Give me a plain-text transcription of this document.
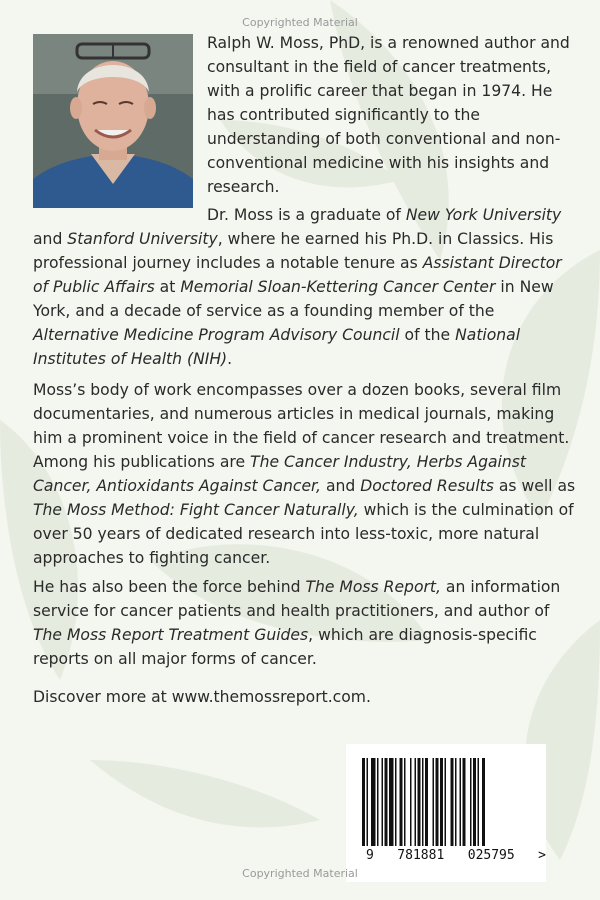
Copyrighted Material
Ralph W. Moss, PhD, is a renowned author and consultant in the field of cancer treatments, with a prolific career that began in 1974. He has contributed significantly to the understanding of both conventional and non-conventional medicine with his insights and research.
Dr. Moss is a graduate of New York University and Stanford University, where he earned his Ph.D. in Classics. His professional journey includes a notable tenure as Assistant Director of Public Affairs at Memorial Sloan-Kettering Cancer Center in New York, and a decade of service as a founding member of the Alternative Medicine Program Advisory Council of the National Institutes of Health (NIH).
Moss’s body of work encompasses over a dozen books, several film documentaries, and numerous articles in medical journals, making him a prominent voice in the field of cancer research and treatment. Among his publications are The Cancer Industry, Herbs Against Cancer, Antioxidants Against Cancer, and Doctored Results as well as The Moss Method: Fight Cancer Naturally, which is the culmination of over 50 years of dedicated research into less-toxic, more natural approaches to fighting cancer.
He has also been the force behind The Moss Report, an information service for cancer patients and health practitioners, and author of The Moss Report Treatment Guides, which are diagnosis-specific reports on all major forms of cancer.
Discover more at www.themossreport.com.
9   781881   025795   >
Copyrighted Material
